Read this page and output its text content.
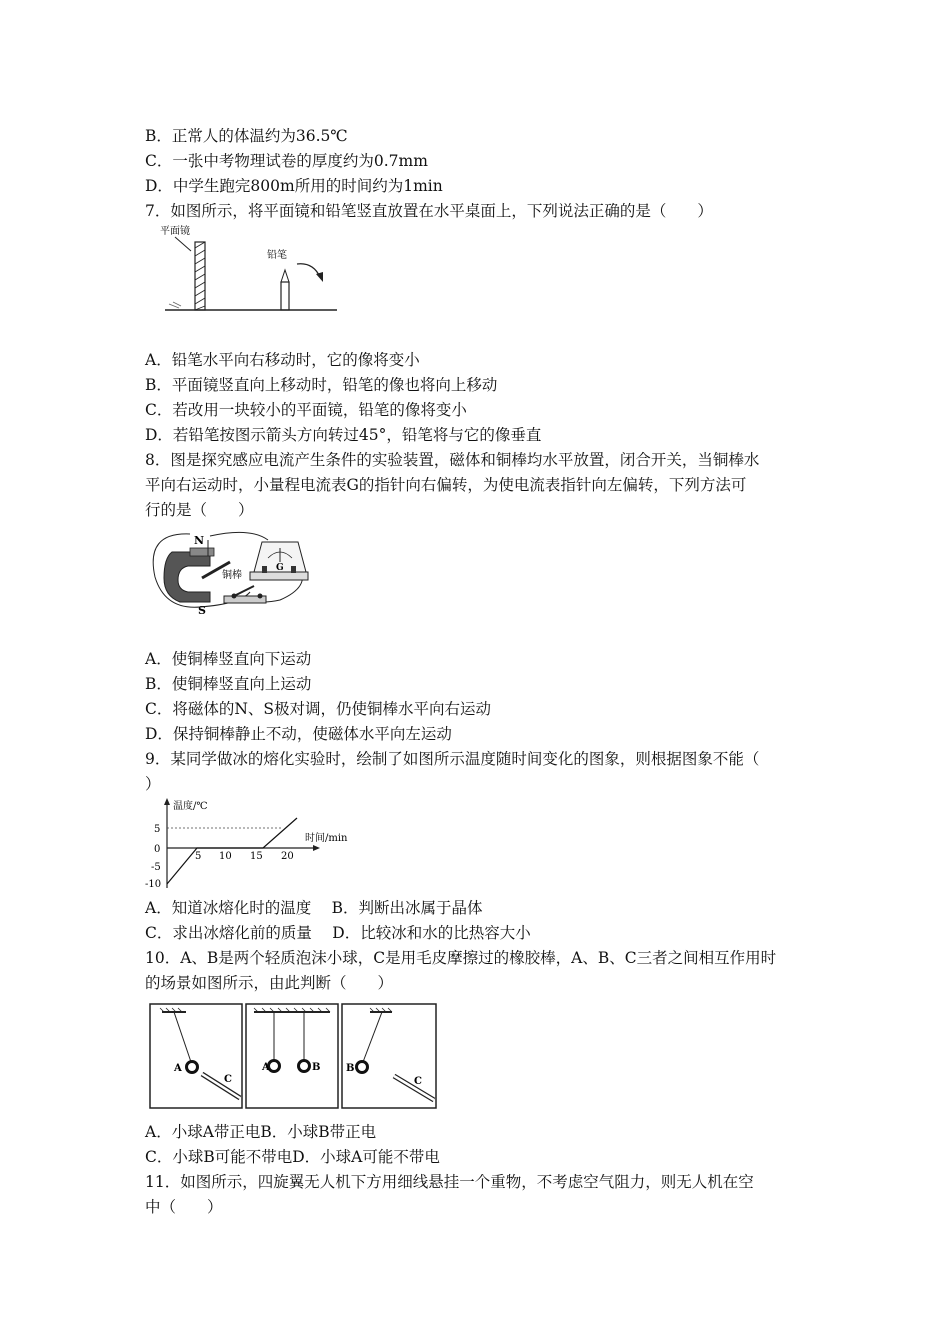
B．正常人的体温约为36.5℃
C．一张中考物理试卷的厚度约为0.7mm
D．中学生跑完800m所用的时间约为1min
7．如图所示，将平面镜和铅笔竖直放置在水平桌面上，下列说法正确的是（　　）
平面镜
铅笔
A．铅笔水平向右移动时，它的像将变小
B．平面镜竖直向上移动时，铅笔的像也将向上移动
C．若改用一块较小的平面镜，铅笔的像将变小
D．若铅笔按图示箭头方向转过45°，铅笔将与它的像垂直
8．图是探究感应电流产生条件的实验装置，磁体和铜棒均水平放置，闭合开关，当铜棒水
平向右运动时，小量程电流表G的指针向右偏转，为使电流表指针向左偏转，下列方法可
行的是（　　）
N
S
铜棒
G
A．使铜棒竖直向下运动
B．使铜棒竖直向上运动
C．将磁体的N、S极对调，仍使铜棒水平向右运动
D．保持铜棒静止不动，使磁体水平向左运动
9．某同学做冰的熔化实验时，绘制了如图所示温度随时间变化的图象，则根据图象不能（
）
温度/℃
时间/min
5
0
-5
-10
5 10 15 20
A．知道冰熔化时的温度　 B．判断出冰属于晶体
C．求出冰熔化前的质量　 D．比较冰和水的比热容大小
10．A、B是两个轻质泡沫小球，C是用毛皮摩擦过的橡胶棒，A、B、C三者之间相互作用时
的场景如图所示，由此判断（　　）
A
C
A	B	B
C
A．小球A带正电B．小球B带正电
C．小球B可能不带电D．小球A可能不带电
11．如图所示，四旋翼无人机下方用细线悬挂一个重物，不考虑空气阻力，则无人机在空
中（　　）
